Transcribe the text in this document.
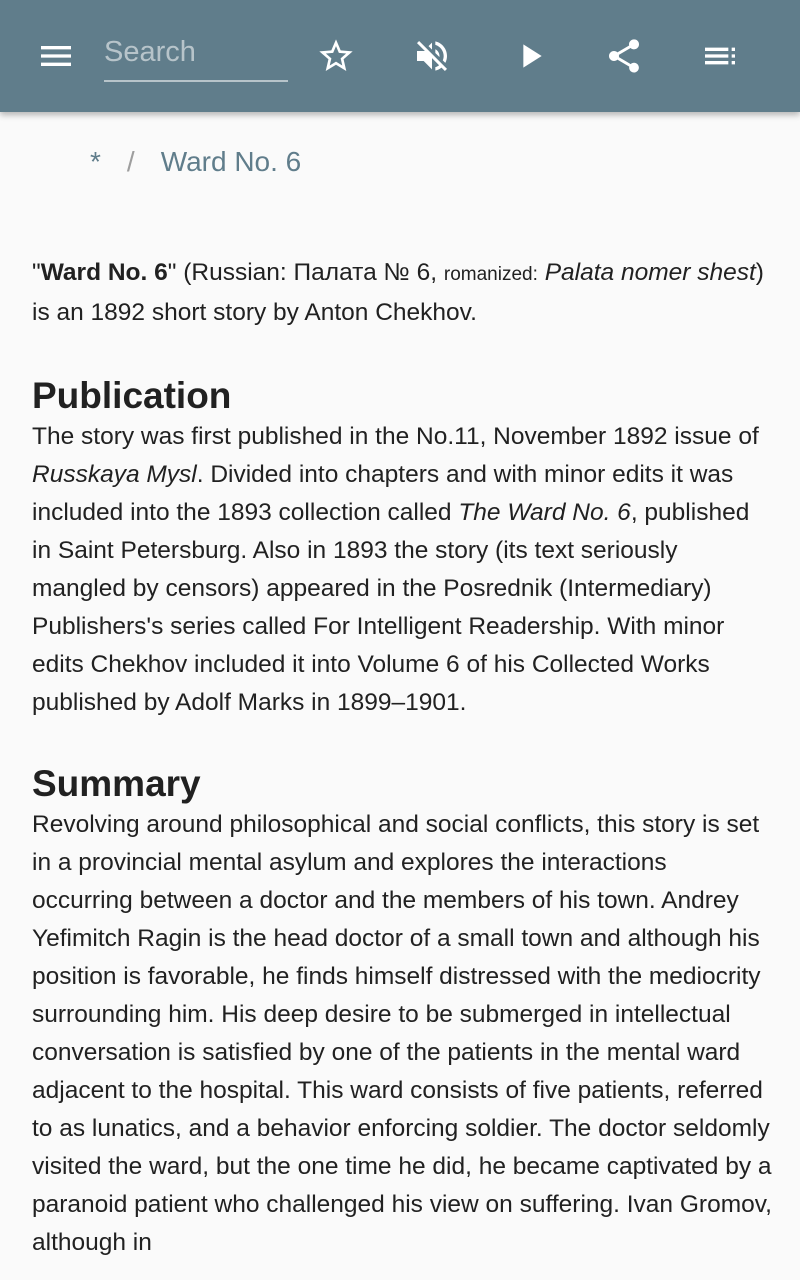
Search
* / Ward No. 6

"Ward No. 6" (Russian: Палата № 6, romanized: Palata nomer shest) is an 1892 short story by Anton Chekhov.

Publication

The story was first published in the No.11, November 1892 issue of Russkaya Mysl. Divided into chapters and with minor edits it was included into the 1893 collection called The Ward No. 6, published in Saint Petersburg. Also in 1893 the story (its text seriously mangled by censors) appeared in the Posrednik (Intermediary) Publishers's series called For Intelligent Readership. With minor edits Chekhov included it into Volume 6 of his Collected Works published by Adolf Marks in 1899–1901.

Summary

Revolving around philosophical and social conflicts, this story is set in a provincial mental asylum and explores the interactions occurring between a doctor and the members of his town. Andrey Yefimitch Ragin is the head doctor of a small town and although his position is favorable, he finds himself distressed with the mediocrity surrounding him. His deep desire to be submerged in intellectual conversation is satisfied by one of the patients in the mental ward adjacent to the hospital. This ward consists of five patients, referred to as lunatics, and a behavior enforcing soldier. The doctor seldomly visited the ward, but the one time he did, he became captivated by a paranoid patient who challenged his view on suffering. Ivan Gromov, although in
